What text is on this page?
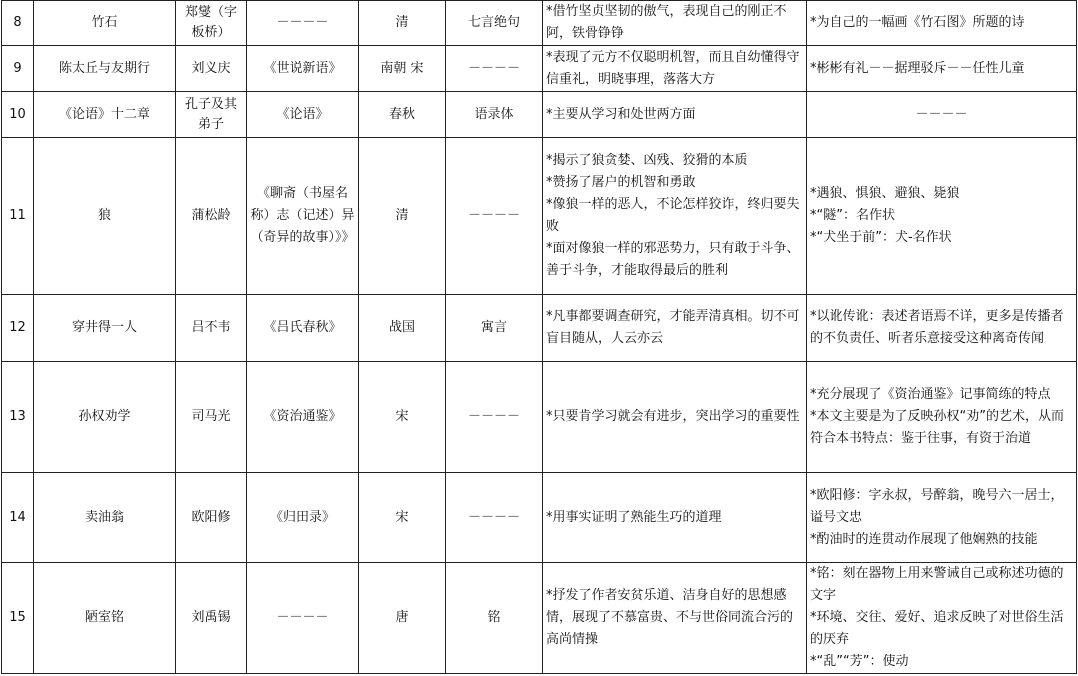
8	竹石	郑燮（字板桥）	－－－－	清	七言绝句	*借竹坚贞坚韧的傲气，表现自己的刚正不阿，铁骨铮铮	*为自己的一幅画《竹石图》所题的诗

9	陈太丘与友期行	刘义庆	《世说新语》	南朝 宋	－－－－	*表现了元方不仅聪明机智，而且自幼懂得守信重礼，明晓事理，落落大方	*彬彬有礼－－据理驳斥－－任性儿童

10	《论语》十二章	孔子及其弟子	《论语》	春秋	语录体	*主要从学习和处世两方面	－－－－

11	狼	蒲松龄	《聊斋（书屋名称）志（记述）异（奇异的故事）》》	清	－－－－	*揭示了狼贪婪、凶残、狡猾的本质
*赞扬了屠户的机智和勇敢
*像狼一样的恶人，不论怎样狡诈，终归要失败
*面对像狼一样的邪恶势力，只有敢于斗争、善于斗争，才能取得最后的胜利	*遇狼、惧狼、避狼、毙狼
*“隧”：名作状
*“犬坐于前”：犬-名作状

12	穿井得一人	吕不韦	《吕氏春秋》	战国	寓言	*凡事都要调查研究，才能弄清真相。切不可盲目随从，人云亦云	*以讹传讹：表述者语焉不详，更多是传播者的不负责任、听者乐意接受这种离奇传闻

13	孙权劝学	司马光	《资治通鉴》	宋	－－－－	*只要肯学习就会有进步，突出学习的重要性	*充分展现了《资治通鉴》记事简练的特点
*本文主要是为了反映孙权“劝”的艺术，从而符合本书特点：鉴于往事，有资于治道

14	卖油翁	欧阳修	《归田录》	宋	－－－－	*用事实证明了熟能生巧的道理	*欧阳修：字永叔，号醉翁，晚号六一居士，谥号文忠
*酌油时的连贯动作展现了他娴熟的技能

15	陋室铭	刘禹锡	－－－－	唐	铭	*抒发了作者安贫乐道、洁身自好的思想感情，展现了不慕富贵、不与世俗同流合污的高尚情操	*铭：刻在器物上用来警诫自己或称述功德的文字
*环境、交往、爱好、追求反映了对世俗生活的厌弃
*“乱”“芳”：使动
